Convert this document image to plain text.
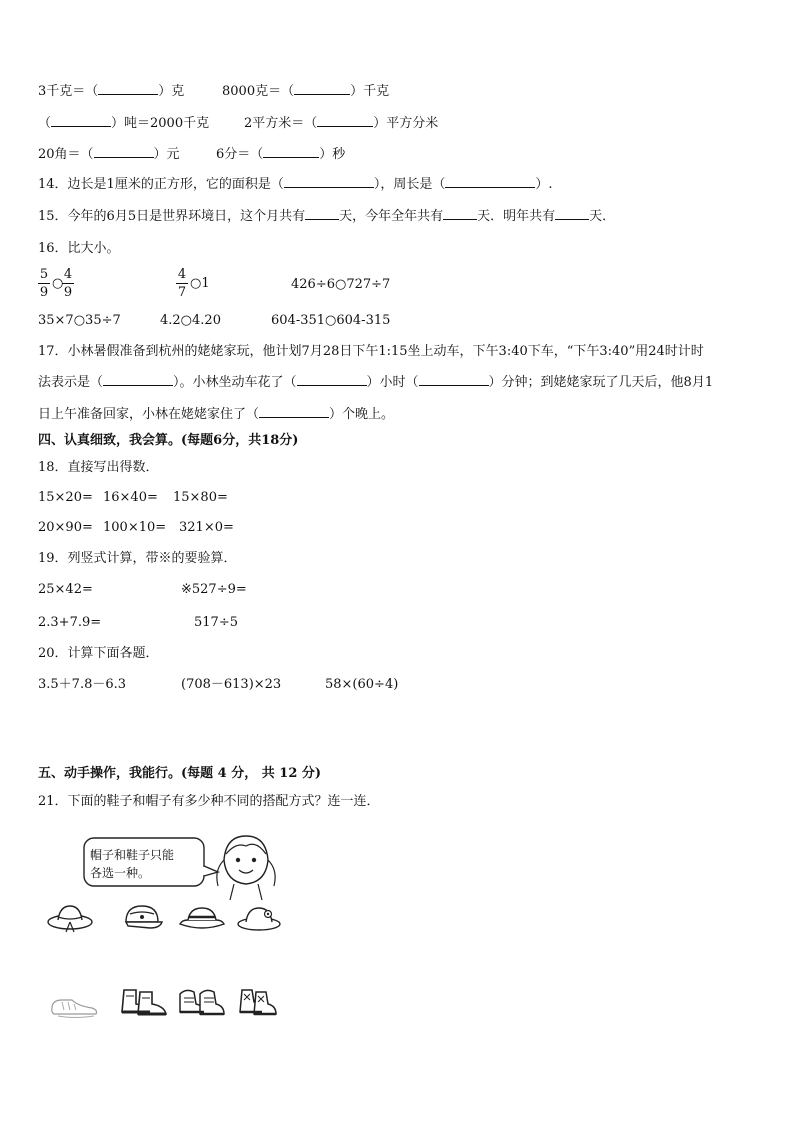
3千克＝（	）克	8000克＝（	）千克
（	）吨＝2000千克	2平方米＝（	）平方分米
20角＝（	）元	6分＝（	）秒
14．边长是1厘米的正方形，它的面积是（	），周长是（	）.
15．今年的6月5日是世界环境日，这个月共有	天，今年全年共有	天．明年共有	天．
16．比大小。
$\frac{5}{9}$ ○
$\frac{4}{9}$	$\frac{4}{7}$ ○1	426÷6○727÷7
35×7○35÷7	4.2○4.20	604-351○604-315
17．小林暑假准备到杭州的姥姥家玩，他计划7月28日下午1:15坐上动车，下午3:40下车，“下午3:40”用24时计时
法表示是（	）。小林坐动车花了（	）小时（	）分钟；到姥姥家玩了几天后，他8月1
日上午准备回家，小林在姥姥家住了（	）个晚上。
四、认真细致，我会算。(每题6分，共18分)
18．直接写出得数．
15×20= 16×40= 15×80=
20×90= 100×10= 321×0=
19．列竖式计算，带※的要验算．
25×42=	※527÷9=
2.3+7.9=	517÷5
20．计算下面各题．
3.5＋7.8－6.3	(708－613)×23	58×(60÷4)
五、动手操作，我能行。(每题 4 分， 共 12 分)
21．下面的鞋子和帽子有多少种不同的搭配方式？连一连．
帽子和鞋子只能
各选一种。
